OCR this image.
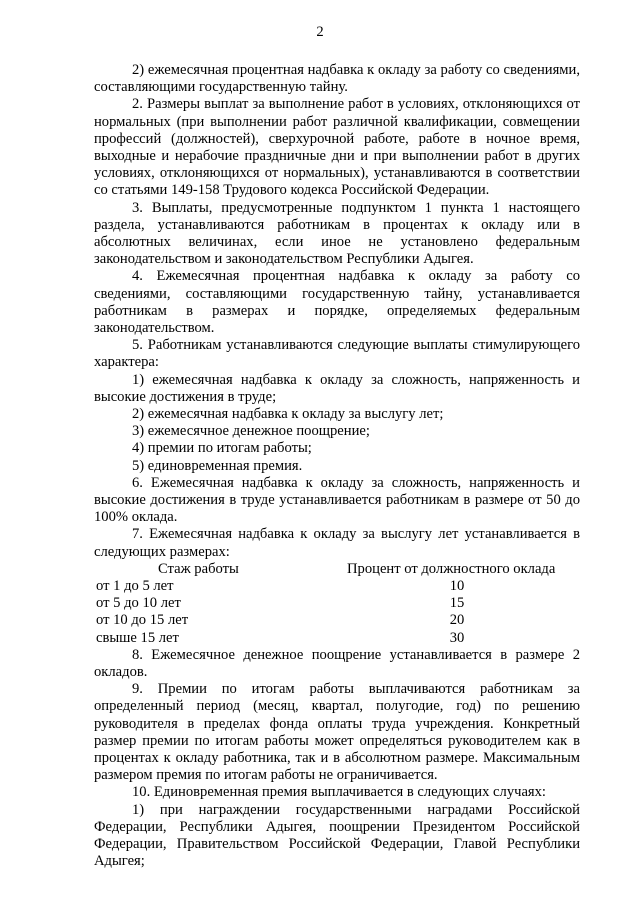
2

2) ежемесячная процентная надбавка к окладу за работу со сведениями, составляющими государственную тайну.

2. Размеры выплат за выполнение работ в условиях, отклоняющихся от нормальных (при выполнении работ различной квалификации, совмещении профессий (должностей), сверхурочной работе, работе в ночное время, выходные и нерабочие праздничные дни и при выполнении работ в других условиях, отклоняющихся от нормальных), устанавливаются в соответствии со статьями 149-158 Трудового кодекса Российской Федерации.

3. Выплаты, предусмотренные подпунктом 1 пункта 1 настоящего раздела, устанавливаются работникам в процентах к окладу или в абсолютных величинах, если иное не установлено федеральным законодательством и законодательством Республики Адыгея.

4. Ежемесячная процентная надбавка к окладу за работу со сведениями, составляющими государственную тайну, устанавливается работникам в размерах и порядке, определяемых федеральным законодательством.

5. Работникам устанавливаются следующие выплаты стимулирующего характера:

1) ежемесячная надбавка к окладу за сложность, напряженность и высокие достижения в труде;

2) ежемесячная надбавка к окладу за выслугу лет;

3) ежемесячное денежное поощрение;

4) премии по итогам работы;

5) единовременная премия.

6. Ежемесячная надбавка к окладу за сложность, напряженность и высокие достижения в труде устанавливается работникам в размере от 50 до 100% оклада.

7. Ежемесячная надбавка к окладу за выслугу лет устанавливается в следующих размерах:

Стаж работы	Процент от должностного оклада
от 1 до 5 лет	10
от 5 до 10 лет	15
от 10 до 15 лет	20
свыше 15 лет	30

8. Ежемесячное денежное поощрение устанавливается в размере 2 окладов.

9. Премии по итогам работы выплачиваются работникам за определенный период (месяц, квартал, полугодие, год) по решению руководителя в пределах фонда оплаты труда учреждения. Конкретный размер премии по итогам работы может определяться руководителем как в процентах к окладу работника, так и в абсолютном размере. Максимальным размером премия по итогам работы не ограничивается.

10. Единовременная премия выплачивается в следующих случаях:

1) при награждении государственными наградами Российской Федерации, Республики Адыгея, поощрении Президентом Российской Федерации, Правительством Российской Федерации, Главой Республики Адыгея;
